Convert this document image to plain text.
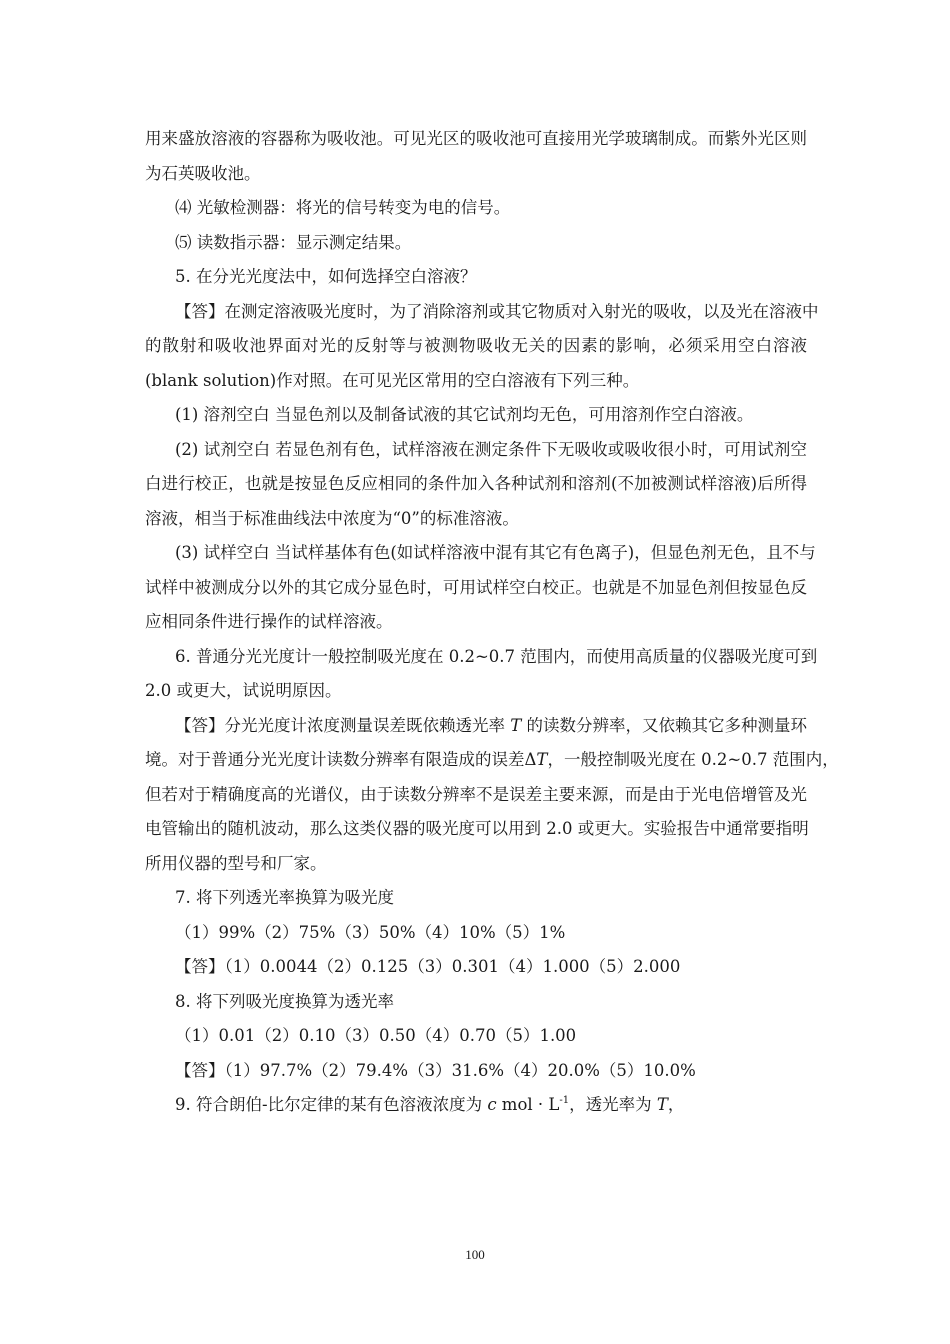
用来盛放溶液的容器称为吸收池。可见光区的吸收池可直接用光学玻璃制成。而紫外光区则
为石英吸收池。
⑷ 光敏检测器：将光的信号转变为电的信号。
⑸ 读数指示器：显示测定结果。
5. 在分光光度法中，如何选择空白溶液？
【答】在测定溶液吸光度时，为了消除溶剂或其它物质对入射光的吸收，以及光在溶液中
的散射和吸收池界面对光的反射等与被测物吸收无关的因素的影响，必须采用空白溶液
(blank solution)作对照。在可见光区常用的空白溶液有下列三种。
(1) 溶剂空白 当显色剂以及制备试液的其它试剂均无色，可用溶剂作空白溶液。
(2) 试剂空白 若显色剂有色，试样溶液在测定条件下无吸收或吸收很小时，可用试剂空
白进行校正，也就是按显色反应相同的条件加入各种试剂和溶剂(不加被测试样溶液)后所得
溶液，相当于标准曲线法中浓度为“0”的标准溶液。
(3) 试样空白 当试样基体有色(如试样溶液中混有其它有色离子)，但显色剂无色，且不与
试样中被测成分以外的其它成分显色时，可用试样空白校正。也就是不加显色剂但按显色反
应相同条件进行操作的试样溶液。
6. 普通分光光度计一般控制吸光度在 0.2~0.7 范围内，而使用高质量的仪器吸光度可到
2.0 或更大，试说明原因。
【答】分光光度计浓度测量误差既依赖透光率 T 的读数分辨率，又依赖其它多种测量环
境。对于普通分光光度计读数分辨率有限造成的误差ΔT，一般控制吸光度在 0.2~0.7 范围内，
但若对于精确度高的光谱仪，由于读数分辨率不是误差主要来源，而是由于光电倍增管及光
电管输出的随机波动，那么这类仪器的吸光度可以用到 2.0 或更大。实验报告中通常要指明
所用仪器的型号和厂家。
7. 将下列透光率换算为吸光度
（1）99%（2）75%（3）50%（4）10%（5）1%
【答】（1）0.0044（2）0.125（3）0.301（4）1.000（5）2.000
8. 将下列吸光度换算为透光率
（1）0.01（2）0.10（3）0.50（4）0.70（5）1.00
【答】（1）97.7%（2）79.4%（3）31.6%（4）20.0%（5）10.0%
9. 符合朗伯-比尔定律的某有色溶液浓度为 c mol · $L^{-1}$，透光率为 T，
100
